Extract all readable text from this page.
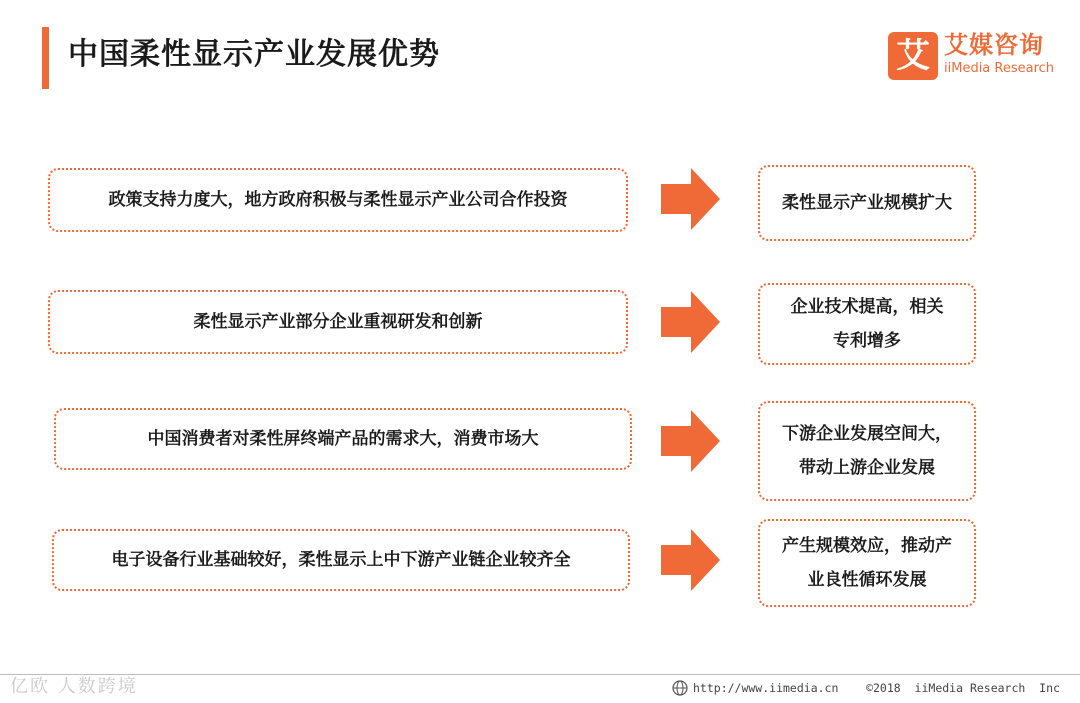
中国柔性显示产业发展优势	艾 艾媒咨询
iiMedia Research
政策支持力度大，地方政府积极与柔性显示产业公司合作投资	柔性显示产业规模扩大
柔性显示产业部分企业重视研发和创新
企业技术提高，相关专利增多
中国消费者对柔性屏终端产品的需求大，消费市场大	下游企业发展空间大，带动上游企业发展
电子设备行业基础较好，柔性显示上中下游产业链企业较齐全
产生规模效应，推动产业良性循环发展
http://www.iimedia.cn    ©2018  iiMedia Research  Inc
亿欧 人数跨境
